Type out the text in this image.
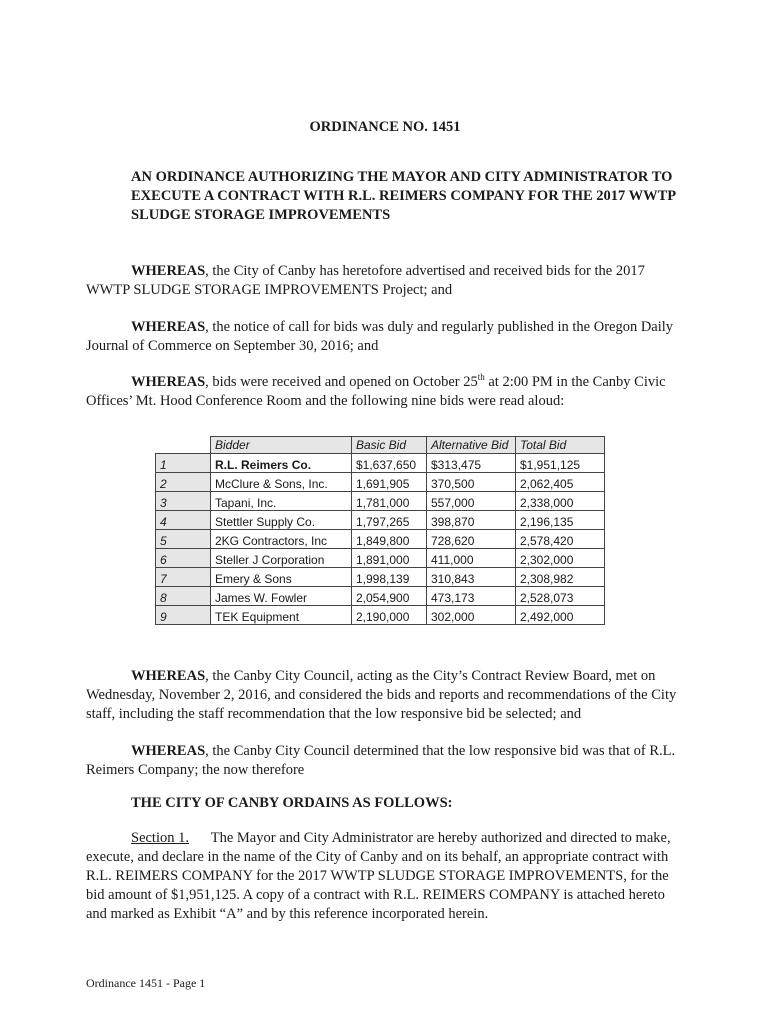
ORDINANCE NO. 1451
AN ORDINANCE AUTHORIZING THE MAYOR AND CITY ADMINISTRATOR TO EXECUTE A CONTRACT WITH R.L. REIMERS COMPANY FOR THE 2017 WWTP SLUDGE STORAGE IMPROVEMENTS
WHEREAS, the City of Canby has heretofore advertised and received bids for the 2017 WWTP SLUDGE STORAGE IMPROVEMENTS Project; and
WHEREAS, the notice of call for bids was duly and regularly published in the Oregon Daily Journal of Commerce on September 30, 2016; and
WHEREAS, bids were received and opened on October 25th at 2:00 PM in the Canby Civic Offices’ Mt. Hood Conference Room and the following nine bids were read aloud:
	Bidder	Basic Bid	Alternative Bid	Total Bid
1	R.L. Reimers Co.	$1,637,650	$313,475	$1,951,125
2	McClure & Sons, Inc.	1,691,905	370,500	2,062,405
3	Tapani, Inc.	1,781,000	557,000	2,338,000
4	Stettler Supply Co.	1,797,265	398,870	2,196,135
5	2KG Contractors, Inc	1,849,800	728,620	2,578,420
6	Steller J Corporation	1,891,000	411,000	2,302,000
7	Emery & Sons	1,998,139	310,843	2,308,982
8	James W. Fowler	2,054,900	473,173	2,528,073
9	TEK Equipment	2,190,000	302,000	2,492,000
WHEREAS, the Canby City Council, acting as the City’s Contract Review Board, met on Wednesday, November 2, 2016, and considered the bids and reports and recommendations of the City staff, including the staff recommendation that the low responsive bid be selected; and
WHEREAS, the Canby City Council determined that the low responsive bid was that of R.L. Reimers Company; the now therefore
THE CITY OF CANBY ORDAINS AS FOLLOWS:
Section 1. The Mayor and City Administrator are hereby authorized and directed to make, execute, and declare in the name of the City of Canby and on its behalf, an appropriate contract with R.L. REIMERS COMPANY for the 2017 WWTP SLUDGE STORAGE IMPROVEMENTS, for the bid amount of $1,951,125. A copy of a contract with R.L. REIMERS COMPANY is attached hereto and marked as Exhibit “A” and by this reference incorporated herein.
Ordinance 1451 - Page 1
